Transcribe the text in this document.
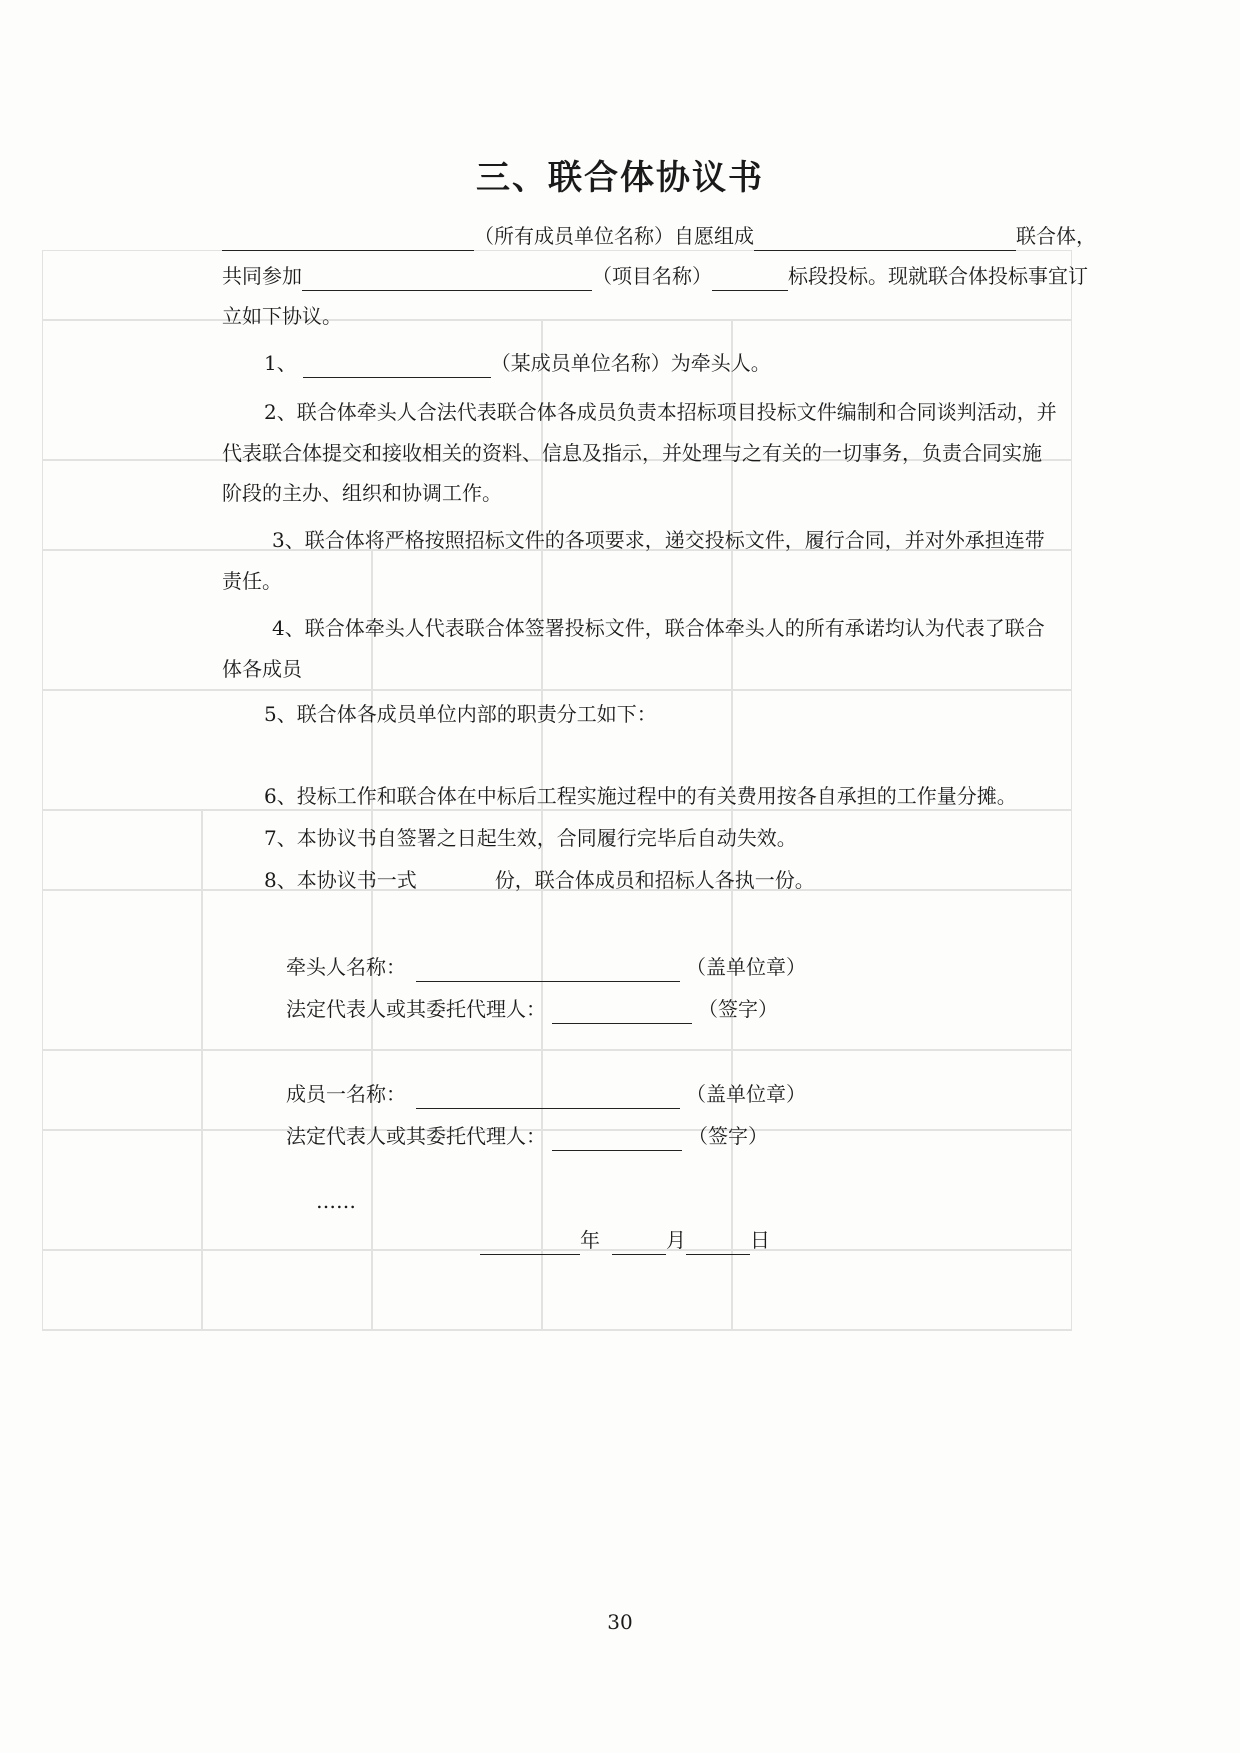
三、联合体协议书
（所有成员单位名称）自愿组成	联合体，
共同参加	（项目名称）	标段投标。现就联合体投标事宜订
立如下协议。
1、	（某成员单位名称）为牵头人。
2、联合体牵头人合法代表联合体各成员负责本招标项目投标文件编制和合同谈判活动，并
代表联合体提交和接收相关的资料、信息及指示，并处理与之有关的一切事务，负责合同实施
阶段的主办、组织和协调工作。
3、联合体将严格按照招标文件的各项要求，递交投标文件，履行合同，并对外承担连带
责任。
4、联合体牵头人代表联合体签署投标文件，联合体牵头人的所有承诺均认为代表了联合
体各成员
5、联合体各成员单位内部的职责分工如下：
6、投标工作和联合体在中标后工程实施过程中的有关费用按各自承担的工作量分摊。
7、本协议书自签署之日起生效，合同履行完毕后自动失效。
8、本协议书一式	份，联合体成员和招标人各执一份。
牵头人名称：	（盖单位章）
法定代表人或其委托代理人：	（签字）
成员一名称：	（盖单位章）
法定代表人或其委托代理人：	（签字）
……
年	月	日
30
